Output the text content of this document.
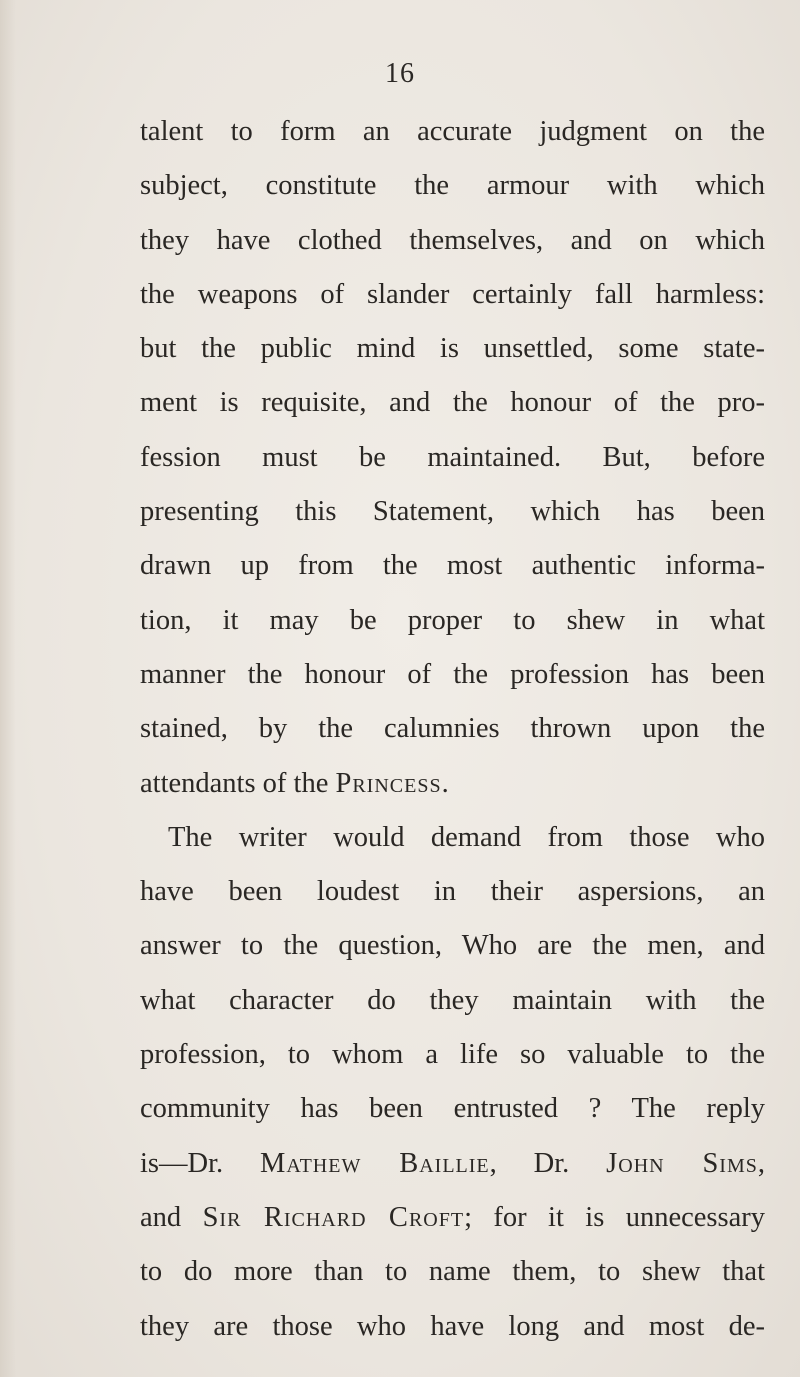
16
talent to form an accurate judgment on the
subject, constitute the armour with which
they have clothed themselves, and on which
the weapons of slander certainly fall harmless:
but the public mind is unsettled, some state-
ment is requisite, and the honour of the pro-
fession must be maintained. But, before
presenting this Statement, which has been
drawn up from the most authentic informa-
tion, it may be proper to shew in what
manner the honour of the profession has been
stained, by the calumnies thrown upon the
attendants of the Princess.
The writer would demand from those who
have been loudest in their aspersions, an
answer to the question, Who are the men, and
what character do they maintain with the
profession, to whom a life so valuable to the
community has been entrusted ? The reply
is—Dr. Mathew Baillie, Dr. John Sims,
and Sir Richard Croft; for it is unnecessary
to do more than to name them, to shew that
they are those who have long and most de-
